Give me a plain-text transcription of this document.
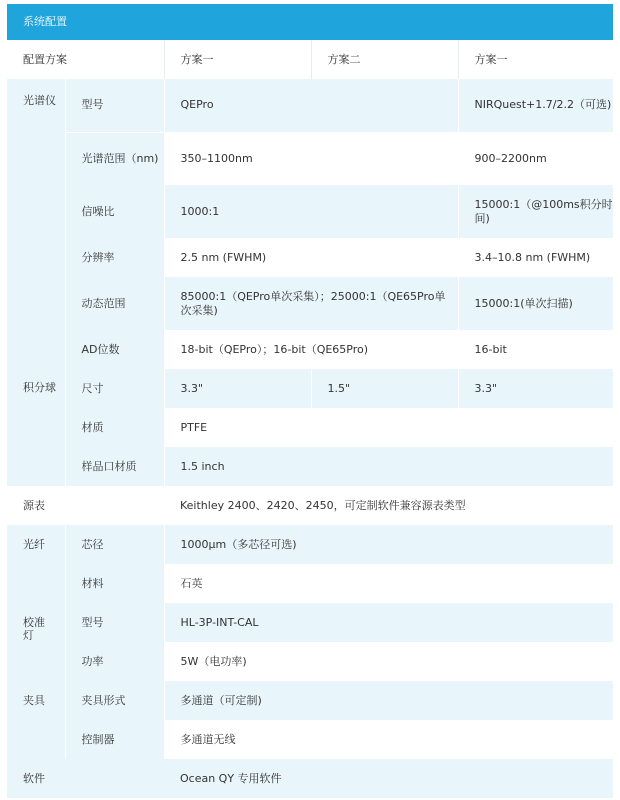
系统配置
配置方案		方案一	方案二	方案一
光谱仪	型号	QEPro		NIRQuest+1.7/2.2（可选)
	光谱范围（nm)	350–1100nm		900–2200nm
	信噪比	1000:1		15000:1（@100ms积分时间)
	分辨率	2.5 nm (FWHM)		3.4–10.8 nm (FWHM)
	动态范围	85000:1（QEPro单次采集）；25000:1（QE65Pro单次采集)		15000:1(单次扫描)
	AD位数	18-bit（QEPro）；16-bit（QE65Pro)		16-bit
积分球	尺寸	3.3"	1.5"	3.3"
	材质	PTFE		
	样品口材质	1.5 inch		
源表		Keithley 2400、2420、2450，可定制软件兼容源表类型		
光纤	芯径	1000μm（多芯径可选)		
	材料	石英		
校准灯	型号	HL-3P-INT-CAL		
	功率	5W（电功率)		
夹具	夹具形式	多通道（可定制)		
	控制器	多通道无线		
软件		Ocean QY 专用软件		
